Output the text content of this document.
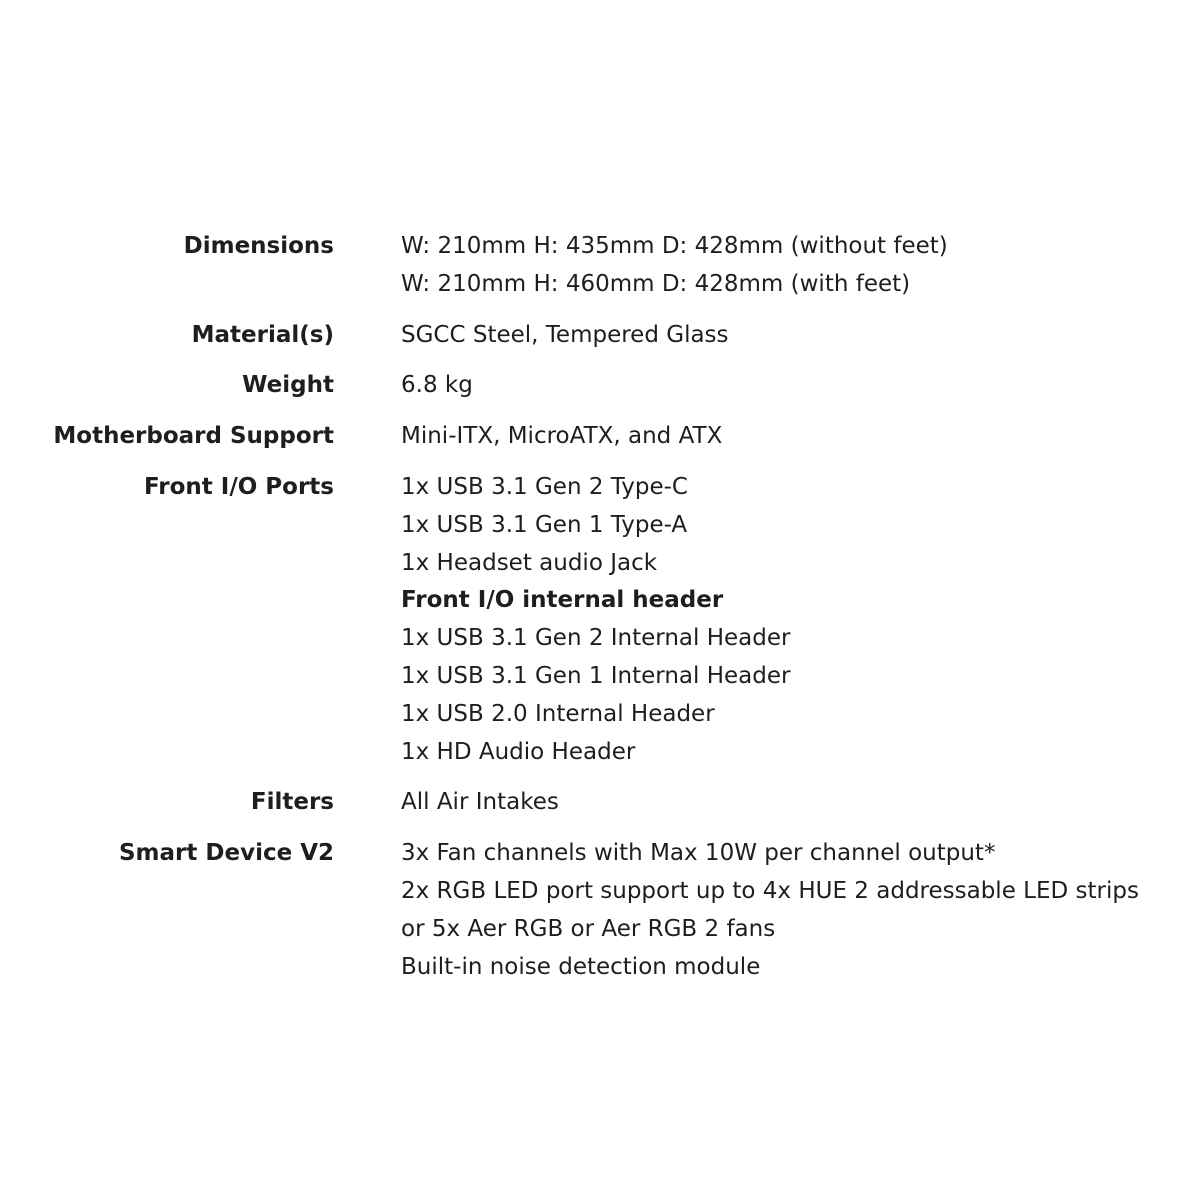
Dimensions	W: 210mm H: 435mm D: 428mm (without feet)
W: 210mm H: 460mm D: 428mm (with feet)
Material(s)	SGCC Steel, Tempered Glass
Weight	6.8 kg
Motherboard Support	Mini-ITX, MicroATX, and ATX
Front I/O Ports	1x USB 3.1 Gen 2 Type-C
1x USB 3.1 Gen 1 Type-A
1x Headset audio Jack
Front I/O internal header
1x USB 3.1 Gen 2 Internal Header
1x USB 3.1 Gen 1 Internal Header
1x USB 2.0 Internal Header
1x HD Audio Header
Filters	All Air Intakes
Smart Device V2	3x Fan channels with Max 10W per channel output*
2x RGB LED port support up to 4x HUE 2 addressable LED strips
or 5x Aer RGB or Aer RGB 2 fans
Built-in noise detection module
